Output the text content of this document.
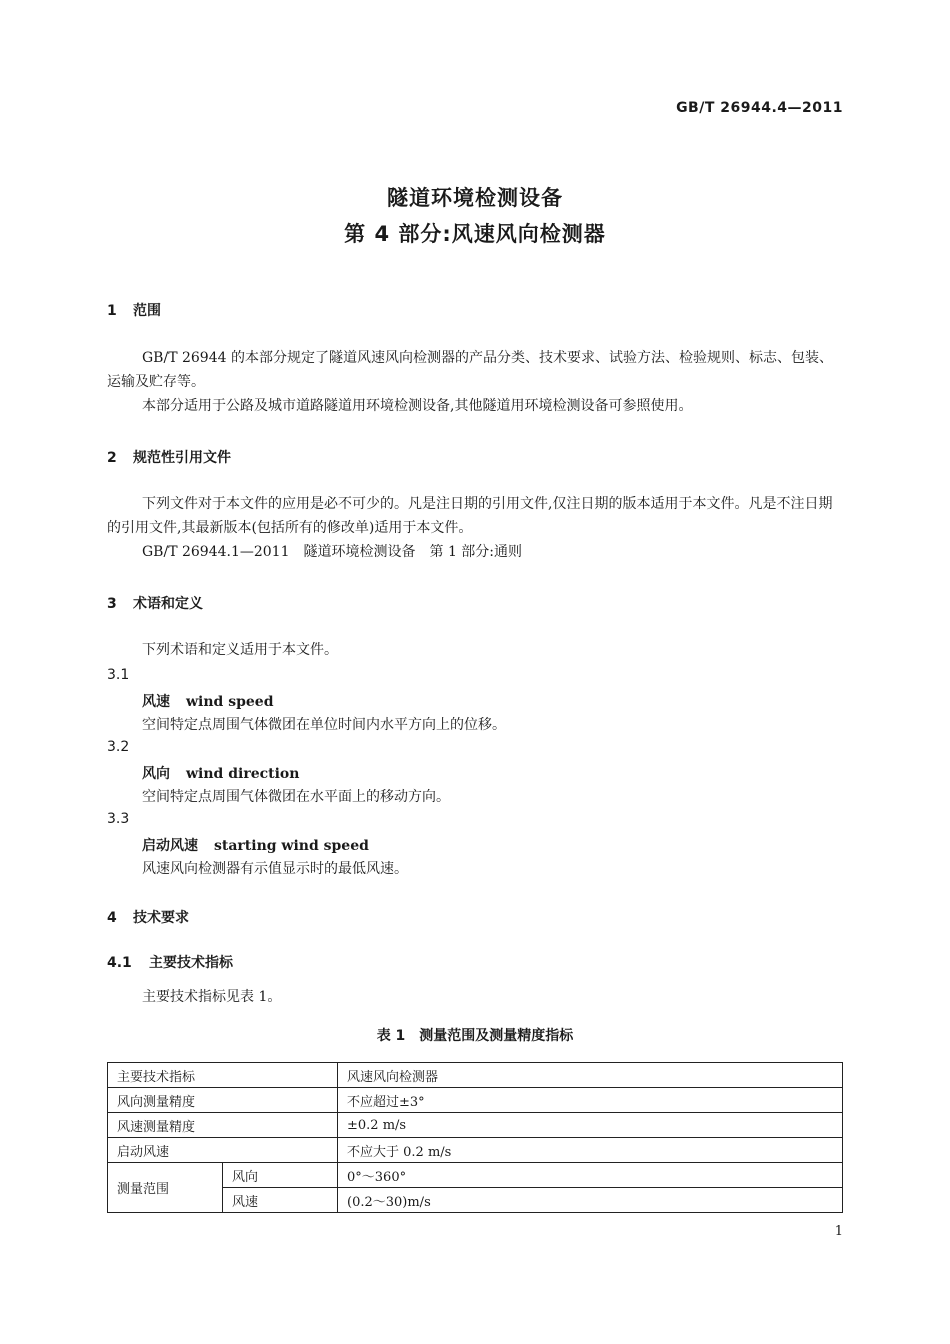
GB/T 26944.4—2011
隧道环境检测设备
第 4 部分:风速风向检测器
1 范围
GB/T 26944 的本部分规定了隧道风速风向检测器的产品分类、技术要求、试验方法、检验规则、标志、包装、运输及贮存等。
本部分适用于公路及城市道路隧道用环境检测设备,其他隧道用环境检测设备可参照使用。
2 规范性引用文件
下列文件对于本文件的应用是必不可少的。凡是注日期的引用文件,仅注日期的版本适用于本文件。凡是不注日期的引用文件,其最新版本(包括所有的修改单)适用于本文件。
GB/T 26944.1—2011　隧道环境检测设备　第 1 部分:通则
3 术语和定义
下列术语和定义适用于本文件。
3.1
风速 wind speed
空间特定点周围气体微团在单位时间内水平方向上的位移。
3.2
风向 wind direction
空间特定点周围气体微团在水平面上的移动方向。
3.3
启动风速 starting wind speed
风速风向检测器有示值显示时的最低风速。
4 技术要求
4.1 主要技术指标
主要技术指标见表 1。
表 1　测量范围及测量精度指标
主要技术指标		风速风向检测器
风向测量精度		不应超过±3°
风速测量精度		±0.2 m/s
启动风速		不应大于 0.2 m/s
测量范围	风向	0°～360°
	风速	(0.2～30)m/s
1
